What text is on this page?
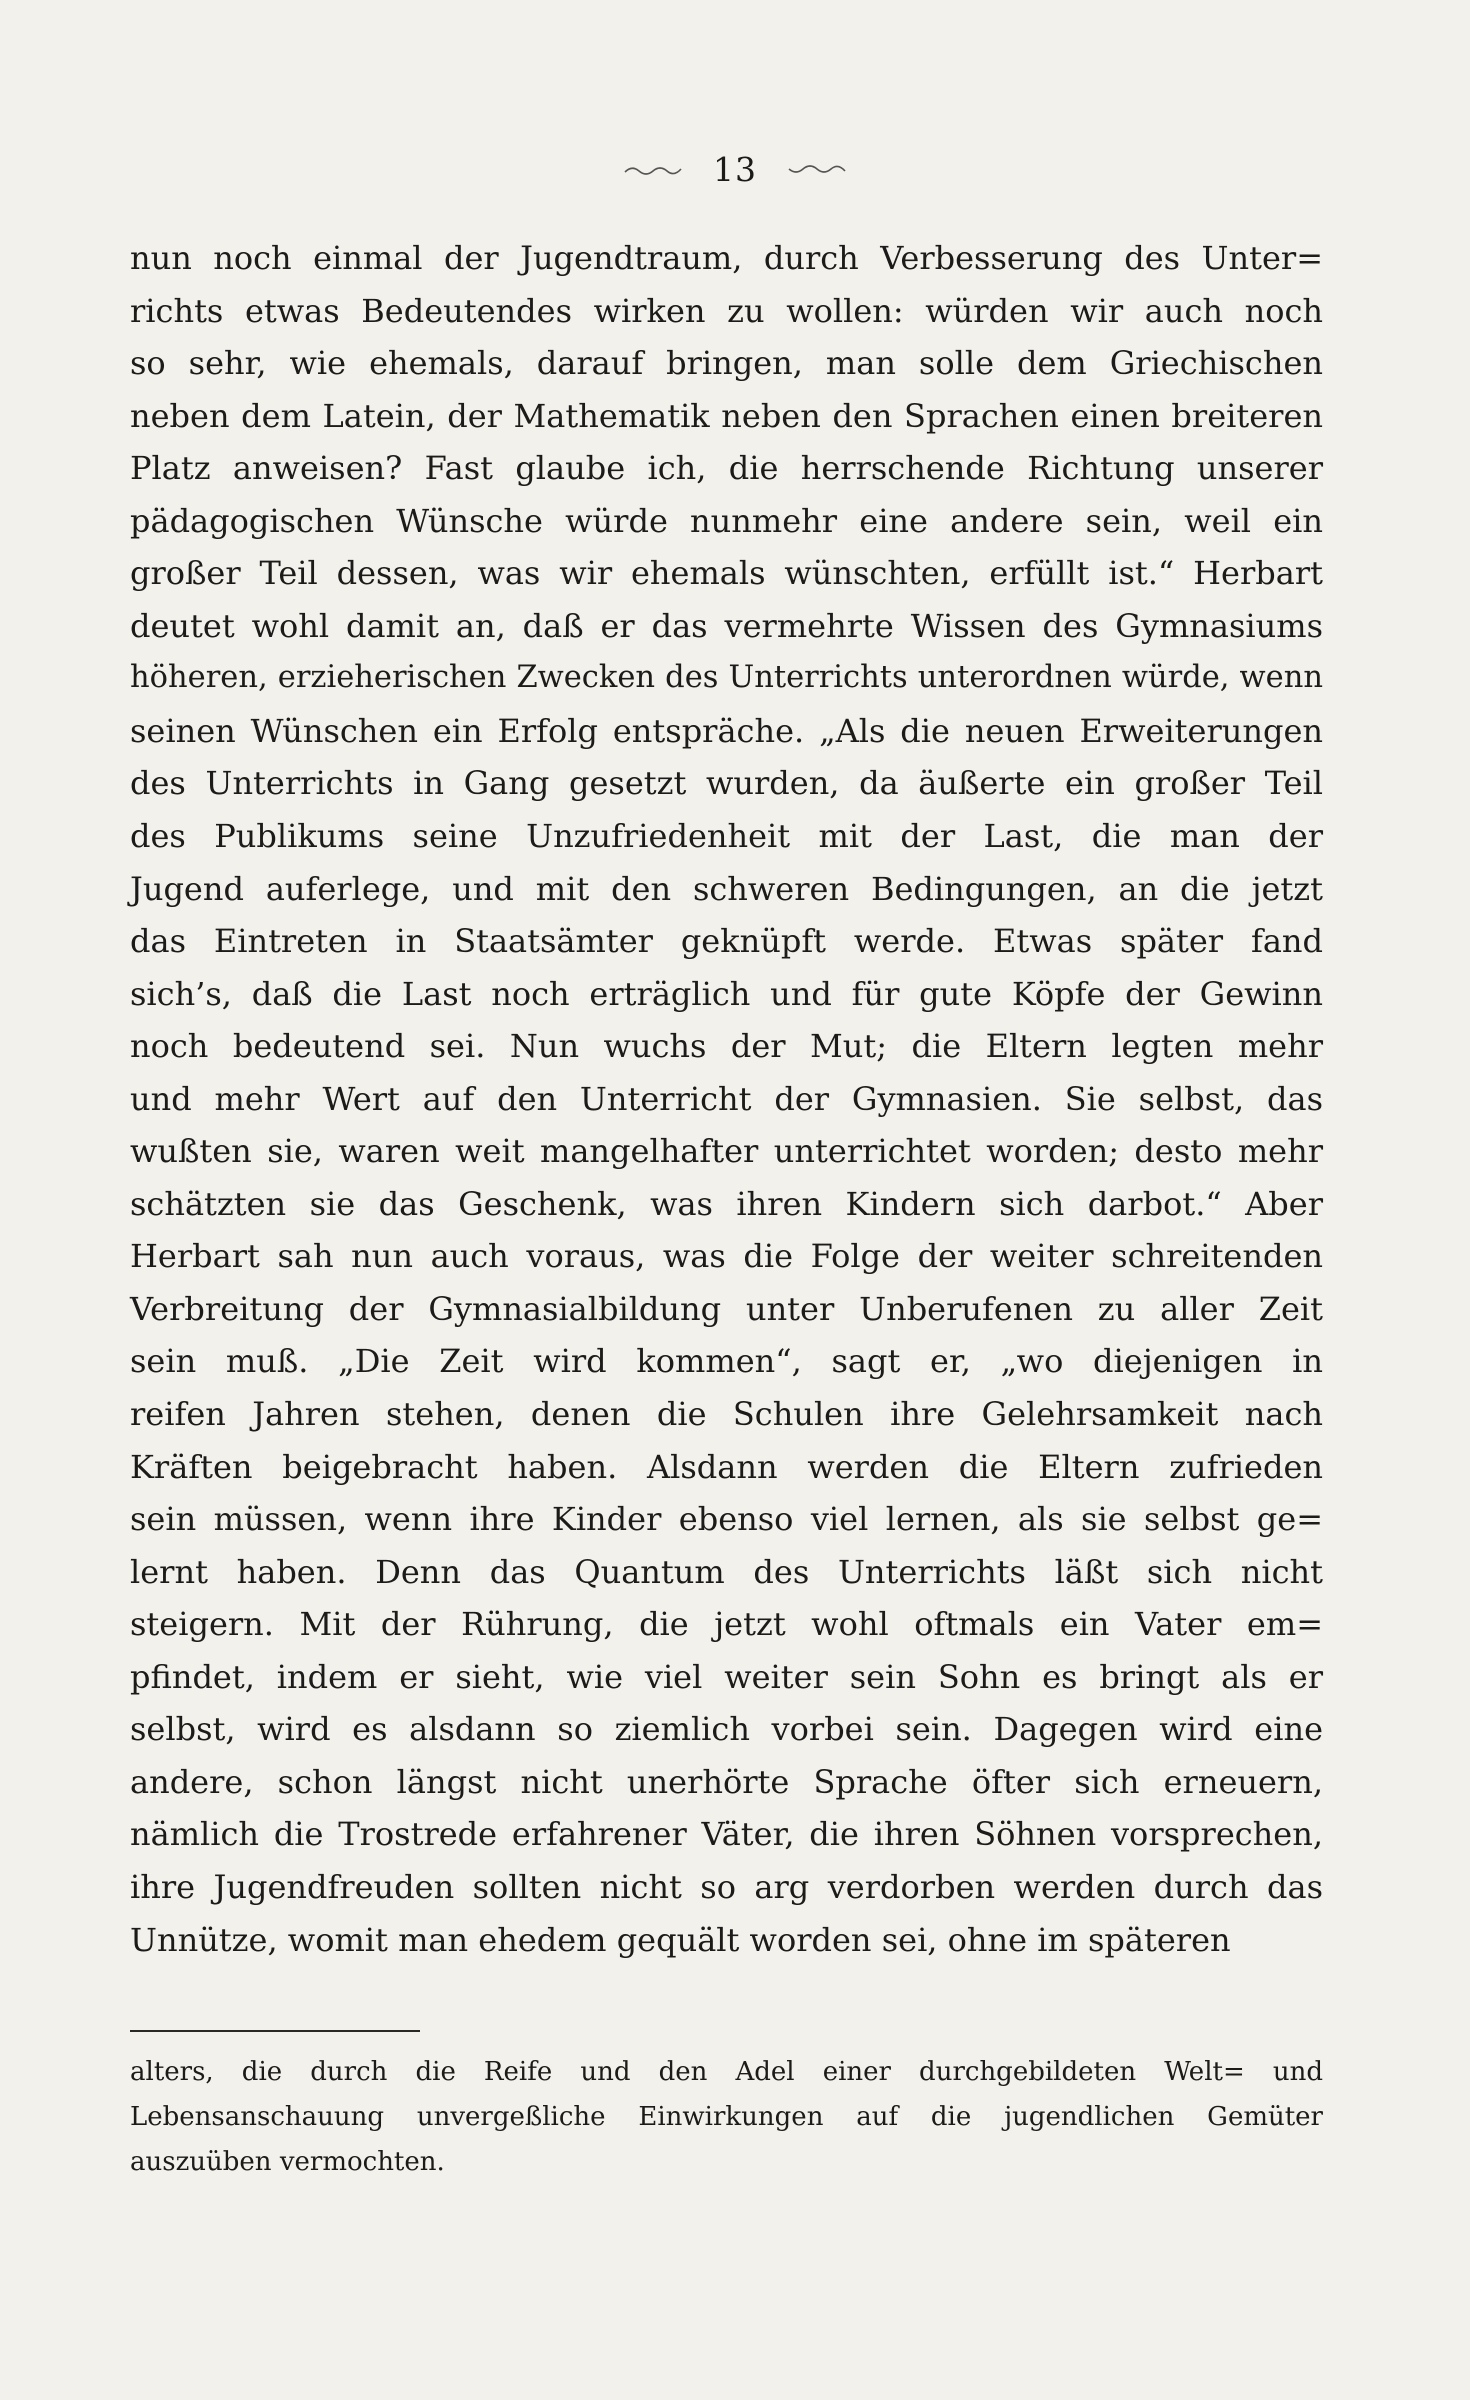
13
nun noch einmal der Jugendtraum, durch Verbesserung des Unter=
richts etwas Bedeutendes wirken zu wollen: würden wir auch noch
so sehr, wie ehemals, darauf bringen, man solle dem Griechischen
neben dem Latein, der Mathematik neben den Sprachen einen breiteren
Platz anweisen? Fast glaube ich, die herrschende Richtung unserer
pädagogischen Wünsche würde nunmehr eine andere sein, weil ein
großer Teil dessen, was wir ehemals wünschten, erfüllt ist.“ Herbart
deutet wohl damit an, daß er das vermehrte Wissen des Gymnasiums
höheren, erzieherischen Zwecken des Unterrichts unterordnen würde, wenn
seinen Wünschen ein Erfolg entspräche. „Als die neuen Erweiterungen
des Unterrichts in Gang gesetzt wurden, da äußerte ein großer Teil
des Publikums seine Unzufriedenheit mit der Last, die man der
Jugend auferlege, und mit den schweren Bedingungen, an die jetzt
das Eintreten in Staatsämter geknüpft werde. Etwas später fand
sich’s, daß die Last noch erträglich und für gute Köpfe der Gewinn
noch bedeutend sei. Nun wuchs der Mut; die Eltern legten mehr
und mehr Wert auf den Unterricht der Gymnasien. Sie selbst, das
wußten sie, waren weit mangelhafter unterrichtet worden; desto mehr
schätzten sie das Geschenk, was ihren Kindern sich darbot.“ Aber
Herbart sah nun auch voraus, was die Folge der weiter schreitenden
Verbreitung der Gymnasialbildung unter Unberufenen zu aller Zeit
sein muß. „Die Zeit wird kommen“, sagt er, „wo diejenigen in
reifen Jahren stehen, denen die Schulen ihre Gelehrsamkeit nach
Kräften beigebracht haben. Alsdann werden die Eltern zufrieden
sein müssen, wenn ihre Kinder ebenso viel lernen, als sie selbst ge=
lernt haben. Denn das Quantum des Unterrichts läßt sich nicht
steigern. Mit der Rührung, die jetzt wohl oftmals ein Vater em=
pfindet, indem er sieht, wie viel weiter sein Sohn es bringt als er
selbst, wird es alsdann so ziemlich vorbei sein. Dagegen wird eine
andere, schon längst nicht unerhörte Sprache öfter sich erneuern,
nämlich die Trostrede erfahrener Väter, die ihren Söhnen vorsprechen,
ihre Jugendfreuden sollten nicht so arg verdorben werden durch das
Unnütze, womit man ehedem gequält worden sei, ohne im späteren
alters, die durch die Reife und den Adel einer durchgebildeten Welt= und
Lebensanschauung unvergeßliche Einwirkungen auf die jugendlichen Gemüter
auszuüben vermochten.
